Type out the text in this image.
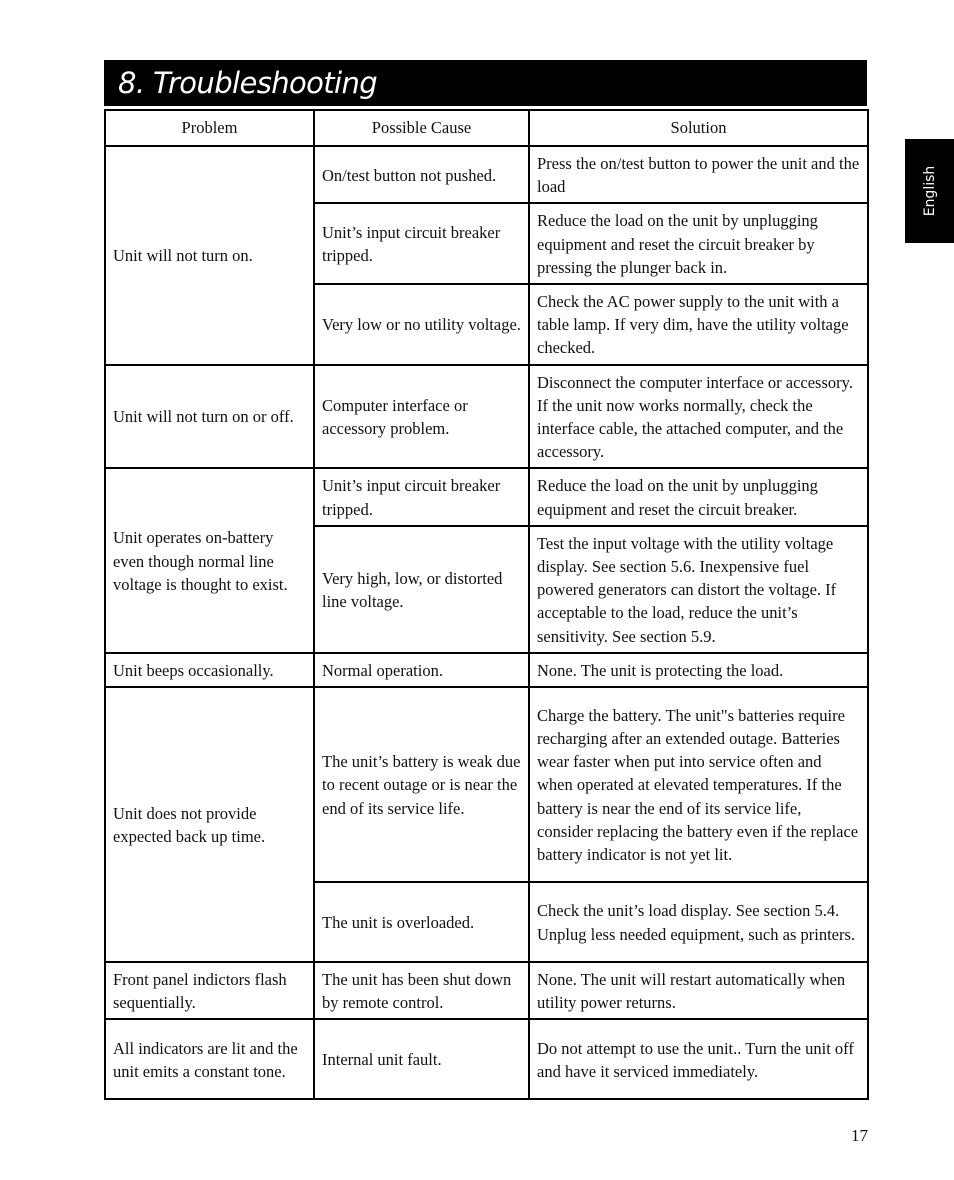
8. Troubleshooting
English
Problem	Possible Cause	Solution
Unit will not turn on.	On/test button not pushed.	Press the on/test button to power the unit and the load
	Unit’s input circuit breaker tripped.	Reduce the load on the unit by unplugging equipment and reset the circuit breaker by pressing the plunger back in.
	Very low or no utility voltage.	Check the AC power supply to the unit with a table lamp. If very dim, have the utility voltage checked.
Unit will not turn on or off.	Computer interface or accessory problem.	Disconnect the computer interface or accessory. If the unit now works normally, check the interface cable, the attached computer, and the accessory.
Unit operates on-battery even though normal line voltage is thought to exist.	Unit’s input circuit breaker tripped.	Reduce the load on the unit by unplugging equipment and reset the circuit breaker.
	Very high, low, or distorted line voltage.	Test the input voltage with the utility voltage display. See section 5.6. Inexpensive fuel powered generators can distort the voltage. If acceptable to the load, reduce the unit’s sensitivity. See section 5.9.
Unit beeps occasionally.	Normal operation.	None. The unit is protecting the load.
Unit does not provide expected back up time.	The unit’s battery is weak due to recent outage or is near the end of its service life.	Charge the battery. The unit"s batteries require recharging after an extended outage. Batteries wear faster when put into service often and when operated at elevated temperatures. If the battery is near the end of its service life, consider replacing the battery even if the replace battery indicator is not yet lit.
	The unit is overloaded.	Check the unit’s load display. See section 5.4. Unplug less needed equipment, such as printers.
Front panel indictors flash sequentially.	The unit has been shut down by remote control.	None. The unit will restart automatically when utility power returns.
All indicators are lit and the unit emits a constant tone.	Internal unit fault.	Do not attempt to use the unit.. Turn the unit off and have it serviced immediately.
17
